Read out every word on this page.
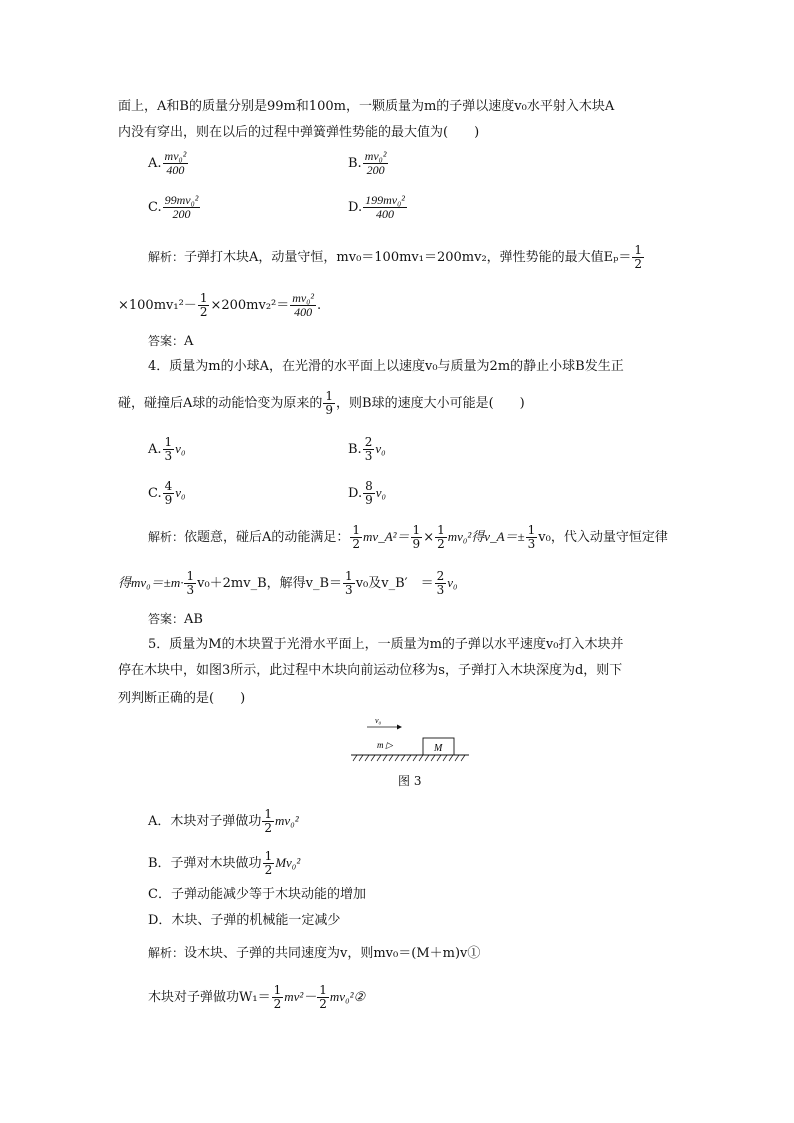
面上，A和B的质量分别是99m和100m，一颗质量为m的子弹以速度v₀水平射入木块A
内没有穿出，则在以后的过程中弹簧弹性势能的最大值为(　　)
A. $\frac{\text{mv₀²}}{400}$	B. $\frac{\text{mv₀²}}{200}$
C. $\frac{\text{99mv₀²}}{200}$	D. $\frac{\text{199mv₀²}}{400}$
解析：子弹打木块A，动量守恒，mv₀＝100mv₁＝200mv₂，弹性势能的最大值$E_p= \frac{1}{2}$
$\times 100mv_1^2- \frac{1}{2} \times 200mv_2^2= \frac{\text{mv₀²}}{400}$ .
答案：A
4．质量为m的小球A，在光滑的水平面上以速度v₀与质量为2m的静止小球B发生正
碰，碰撞后A球的动能恰变为原来的 $\frac{1}{9}$ ，则B球的速度大小可能是(　　)
A. $\frac{1}{3} v_0$	B. $\frac{2}{3} v_0$
C. $\frac{4}{9} v_0$	D. $\frac{8}{9} v_0$
解析：依题意，碰后A的动能满足： $\frac{1}{2}$ mv_A²＝ $\frac{1}{9} \times \frac{1}{2} mv_0^2$得v_A＝± $\frac{1}{3} v_0$，代入动量守恒定律
得$mv_0=\pm m\cdot \frac{1}{3}$ v₀＋2mv_B，解得v_B＝ $\frac{1}{3} v_0$及v_B′　＝ $\frac{2}{3} v_0$
答案：AB
5．质量为M的木块置于光滑水平面上，一质量为m的子弹以水平速度v₀打入木块并
停在木块中，如图3所示，此过程中木块向前运动位移为s，子弹打入木块深度为d，则下
列判断正确的是(　　)
v₀
m ▷	M
图 3
A．木块对子弹做功 $\frac{1}{2} mv_0^2$
B．子弹对木块做功 $\frac{1}{2} Mv_0^2$
C．子弹动能减少等于木块动能的增加
D．木块、子弹的机械能一定减少
解析：设木块、子弹的共同速度为v，则mv₀＝(M＋m)v①
木块对子弹做功$W_1= \frac{1}{2} mv^2- \frac{1}{2}$ mv₀²②
